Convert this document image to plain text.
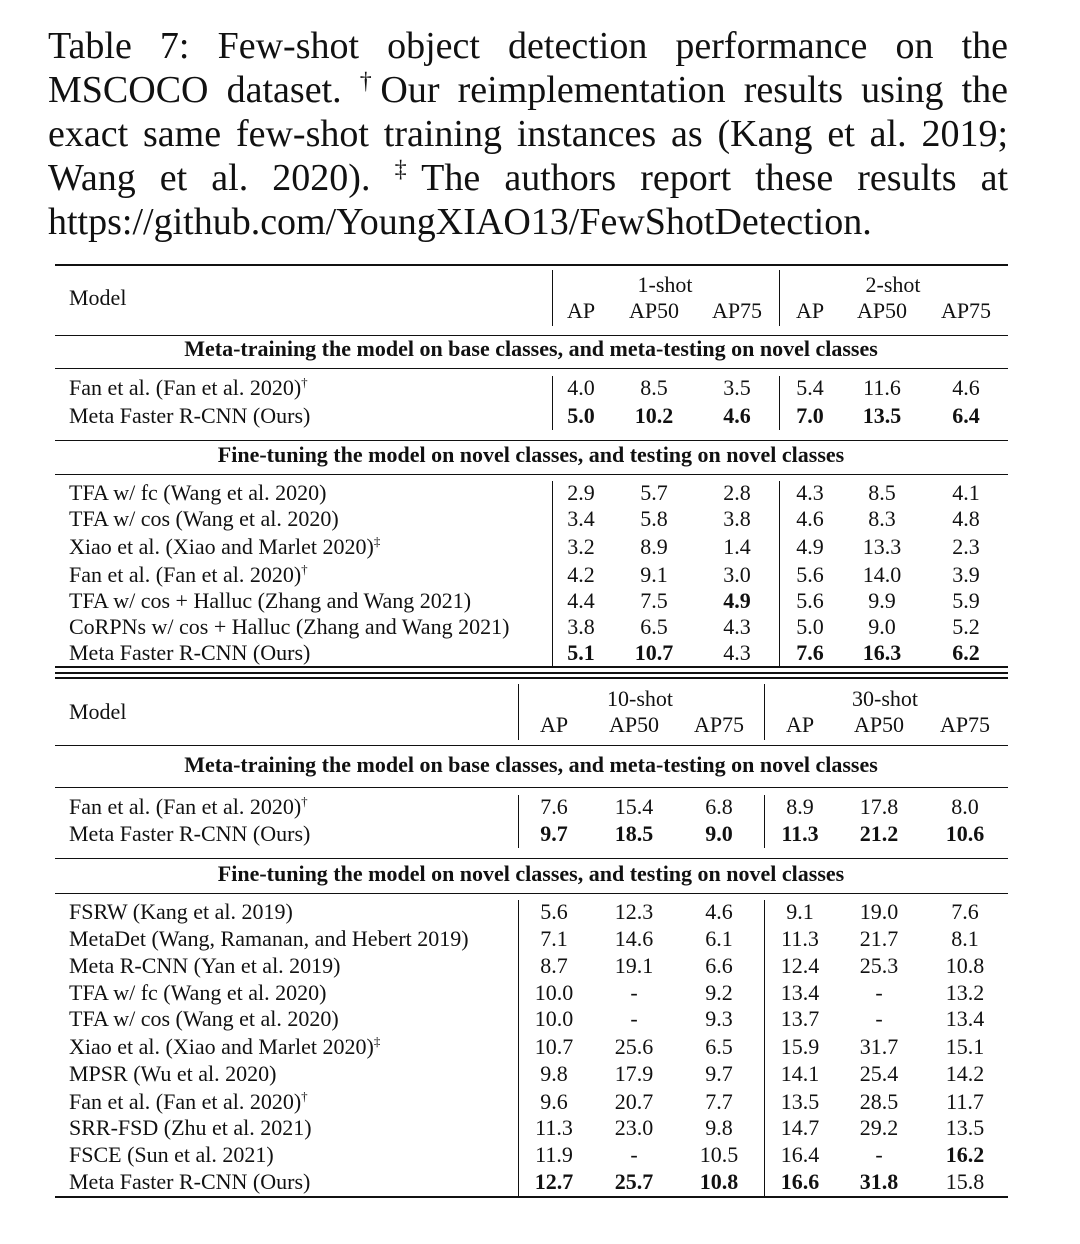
Table 7: Few-shot object detection performance on the MSCOCO dataset. †Our reimplementation results using the exact same few-shot training instances as (Kang et al. 2019; Wang et al. 2020). ‡The authors report these results at https://github.com/YoungXIAO13/FewShotDetection.
Model
1-shot	2-shot
AP AP50 AP75 AP AP50 AP75
Meta-training the model on base classes, and meta-testing on novel classes
Fan et al. (Fan et al. 2020)†	4.0 8.5	3.5 5.4 11.6 4.6
Meta Faster R-CNN (Ours)	5.0 10.2 4.6 7.0 13.5 6.4
Fine-tuning the model on novel classes, and testing on novel classes
TFA w/ fc (Wang et al. 2020)	2.9 5.7	2.8 4.3 8.5	4.1
TFA w/ cos (Wang et al. 2020)	3.4 5.8	3.8 4.6 8.3	4.8
Xiao et al. (Xiao and Marlet 2020)‡	3.2 8.9	1.4 4.9 13.3 2.3
Fan et al. (Fan et al. 2020)†	4.2 9.1	3.0 5.6 14.0 3.9
TFA w/ cos + Halluc (Zhang and Wang 2021)	4.4 7.5	4.9 5.6 9.9	5.9
CoRPNs w/ cos + Halluc (Zhang and Wang 2021)	3.8 6.5	4.3 5.0 9.0	5.2
Meta Faster R-CNN (Ours)	5.1 10.7 4.3 7.6 16.3 6.2
Model
10-shot	30-shot
AP AP50 AP75 AP AP50 AP75
Meta-training the model on base classes, and meta-testing on novel classes
Fan et al. (Fan et al. 2020)†	7.6 15.4 6.8 8.9 17.8 8.0
Meta Faster R-CNN (Ours)	9.7 18.5 9.0 11.3 21.2 10.6
Fine-tuning the model on novel classes, and testing on novel classes
FSRW (Kang et al. 2019)	5.6 12.3 4.6 9.1 19.0 7.6
MetaDet (Wang, Ramanan, and Hebert 2019)	7.1 14.6 6.1 11.3 21.7 8.1
Meta R-CNN (Yan et al. 2019)	8.7 19.1 6.6 12.4 25.3 10.8
TFA w/ fc (Wang et al. 2020)	10.0	-	9.2 13.4	-	13.2
TFA w/ cos (Wang et al. 2020)	10.0	-	9.3 13.7	-	13.4
Xiao et al. (Xiao and Marlet 2020)‡	10.7 25.6 6.5 15.9 31.7 15.1
MPSR (Wu et al. 2020)	9.8 17.9 9.7 14.1 25.4 14.2
Fan et al. (Fan et al. 2020)†	9.6 20.7 7.7 13.5 28.5 11.7
SRR-FSD (Zhu et al. 2021)	11.3 23.0 9.8 14.7 29.2 13.5
FSCE (Sun et al. 2021)	11.9	-	10.5 16.4	-	16.2
Meta Faster R-CNN (Ours)	12.7 25.7 10.8 16.6 31.8 15.8
